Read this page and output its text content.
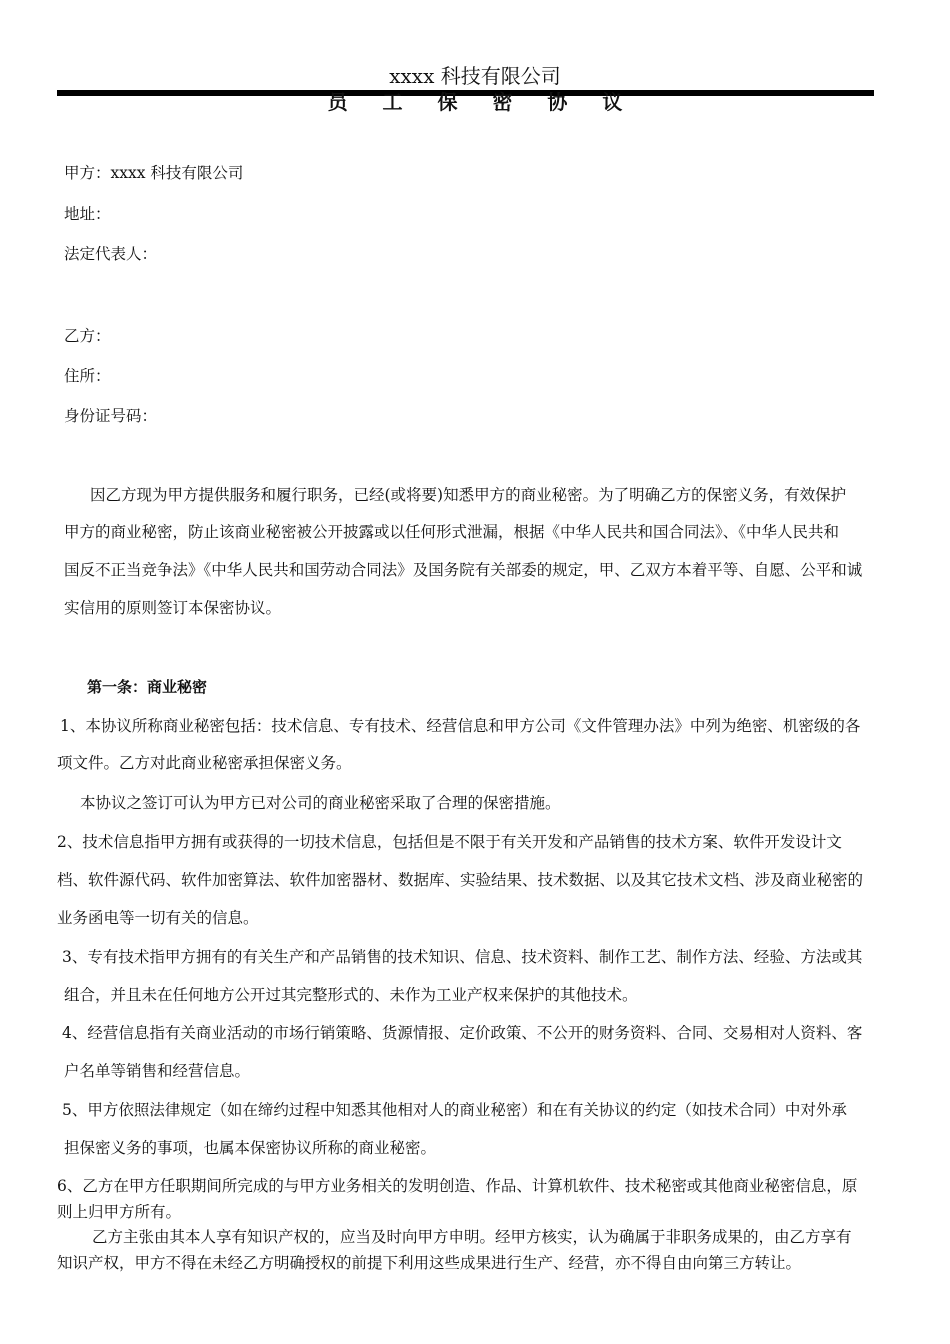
xxxx 科技有限公司
员 工 保 密 协 议
甲方：xxxx 科技有限公司
地址：
法定代表人：
乙方：
住所：
身份证号码：
因乙方现为甲方提供服务和履行职务，已经(或将要)知悉甲方的商业秘密。为了明确乙方的保密义务，有效保护
甲方的商业秘密，防止该商业秘密被公开披露或以任何形式泄漏，根据《中华人民共和国合同法》、《中华人民共和
国反不正当竞争法》《中华人民共和国劳动合同法》及国务院有关部委的规定，甲、乙双方本着平等、自愿、公平和诚
实信用的原则签订本保密协议。
第一条：商业秘密
1、本协议所称商业秘密包括：技术信息、专有技术、经营信息和甲方公司《文件管理办法》中列为绝密、机密级的各
项文件。乙方对此商业秘密承担保密义务。
本协议之签订可认为甲方已对公司的商业秘密采取了合理的保密措施。
2、技术信息指甲方拥有或获得的一切技术信息，包括但是不限于有关开发和产品销售的技术方案、软件开发设计文
档、软件源代码、软件加密算法、软件加密器材、数据库、实验结果、技术数据、以及其它技术文档、涉及商业秘密的
业务函电等一切有关的信息。
3、专有技术指甲方拥有的有关生产和产品销售的技术知识、信息、技术资料、制作工艺、制作方法、经验、方法或其
组合，并且未在任何地方公开过其完整形式的、未作为工业产权来保护的其他技术。
4、经营信息指有关商业活动的市场行销策略、货源情报、定价政策、不公开的财务资料、合同、交易相对人资料、客
户名单等销售和经营信息。
5、甲方依照法律规定（如在缔约过程中知悉其他相对人的商业秘密）和在有关协议的约定（如技术合同）中对外承
担保密义务的事项，也属本保密协议所称的商业秘密。
6、乙方在甲方任职期间所完成的与甲方业务相关的发明创造、作品、计算机软件、技术秘密或其他商业秘密信息，原
则上归甲方所有。
乙方主张由其本人享有知识产权的，应当及时向甲方申明。经甲方核实，认为确属于非职务成果的，由乙方享有
知识产权，甲方不得在未经乙方明确授权的前提下利用这些成果进行生产、经营，亦不得自由向第三方转让。
